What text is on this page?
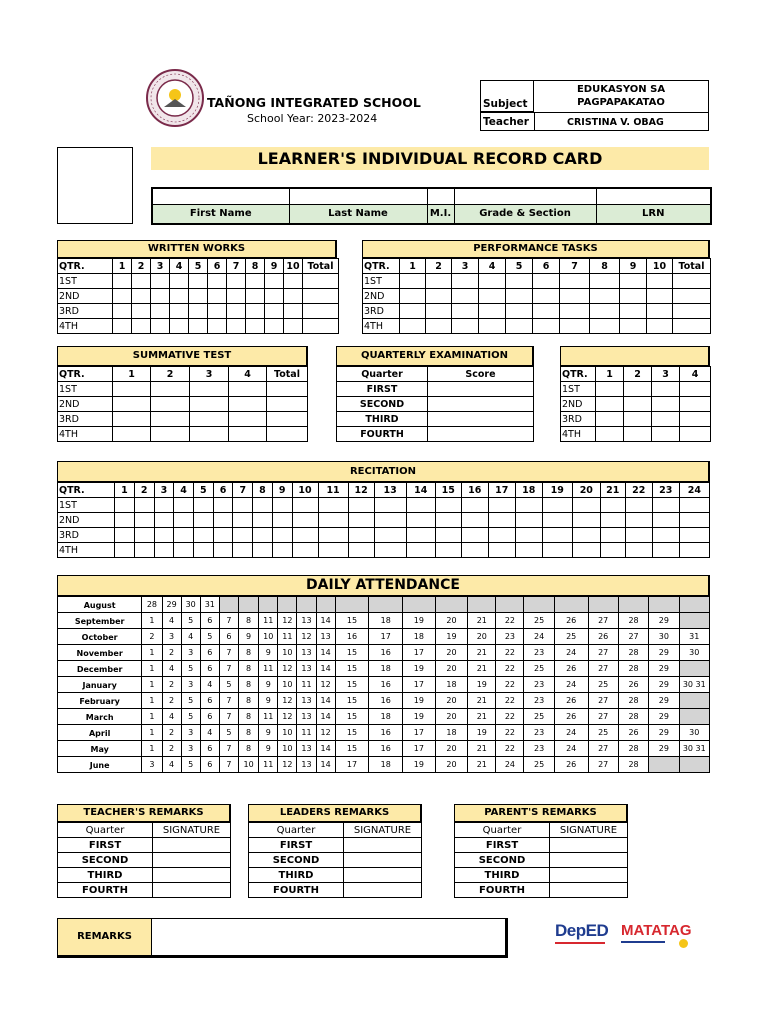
TAÑONG INTEGRATED SCHOOL
School Year: 2023-2024
Subject
EDUKASYON SA PAGPAPAKATAO
Teacher	CRISTINA V. OBAG
LEARNER'S INDIVIDUAL RECORD CARD

First Name	Last Name	M.I.	Grade & Section	LRN
WRITTEN WORKS
QTR.	1	2	3	4	5	6	7	8	9	10	Total
1ST											
2ND											
3RD											
4TH											
PERFORMANCE TASKS
QTR.	1	2	3	4	5	6	7	8	9	10	Total
1ST											
2ND											
3RD											
4TH											
SUMMATIVE TEST
QTR.	1	2	3	4	Total
1ST					
2ND					
3RD					
4TH					
QUARTERLY EXAMINATION
Quarter	Score
FIRST	
SECOND	
THIRD	
FOURTH	
QTR.	1	2	3	4
1ST				
2ND				
3RD				
4TH				
RECITATION
QTR.	1	2	3	4	5	6	7	8	9	10	11	12	13	14	15	16	17	18	19	20	21	22	23	24
1ST																								
2ND																								
3RD																								
4TH																								
DAILY ATTENDANCE
August	28	29	30	31																		
September	1	4	5	6	7	8	11	12	13	14	15	18	19	20	21	22	25	26	27	28	29	
October	2	3	4	5	6	9	10	11	12	13	16	17	18	19	20	23	24	25	26	27	30	31
November	1	2	3	6	7	8	9	10	13	14	15	16	17	20	21	22	23	24	27	28	29	30
December	1	4	5	6	7	8	11	12	13	14	15	18	19	20	21	22	25	26	27	28	29	
January	1	2	3	4	5	8	9	10	11	12	15	16	17	18	19	22	23	24	25	26	29	30 31
February	1	2	5	6	7	8	9	12	13	14	15	16	19	20	21	22	23	26	27	28	29	
March	1	4	5	6	7	8	11	12	13	14	15	18	19	20	21	22	25	26	27	28	29	
April	1	2	3	4	5	8	9	10	11	12	15	16	17	18	19	22	23	24	25	26	29	30
May	1	2	3	6	7	8	9	10	13	14	15	16	17	20	21	22	23	24	27	28	29	30 31
June	3	4	5	6	7	10	11	12	13	14	17	18	19	20	21	24	25	26	27	28		
TEACHER'S REMARKS
Quarter	SIGNATURE
FIRST	
SECOND	
THIRD	
FOURTH	
LEADERS REMARKS
Quarter	SIGNATURE
FIRST	
SECOND	
THIRD	
FOURTH	
PARENT'S REMARKS
Quarter	SIGNATURE
FIRST	
SECOND	
THIRD	
FOURTH	
REMARKS	DepED MATATAG
